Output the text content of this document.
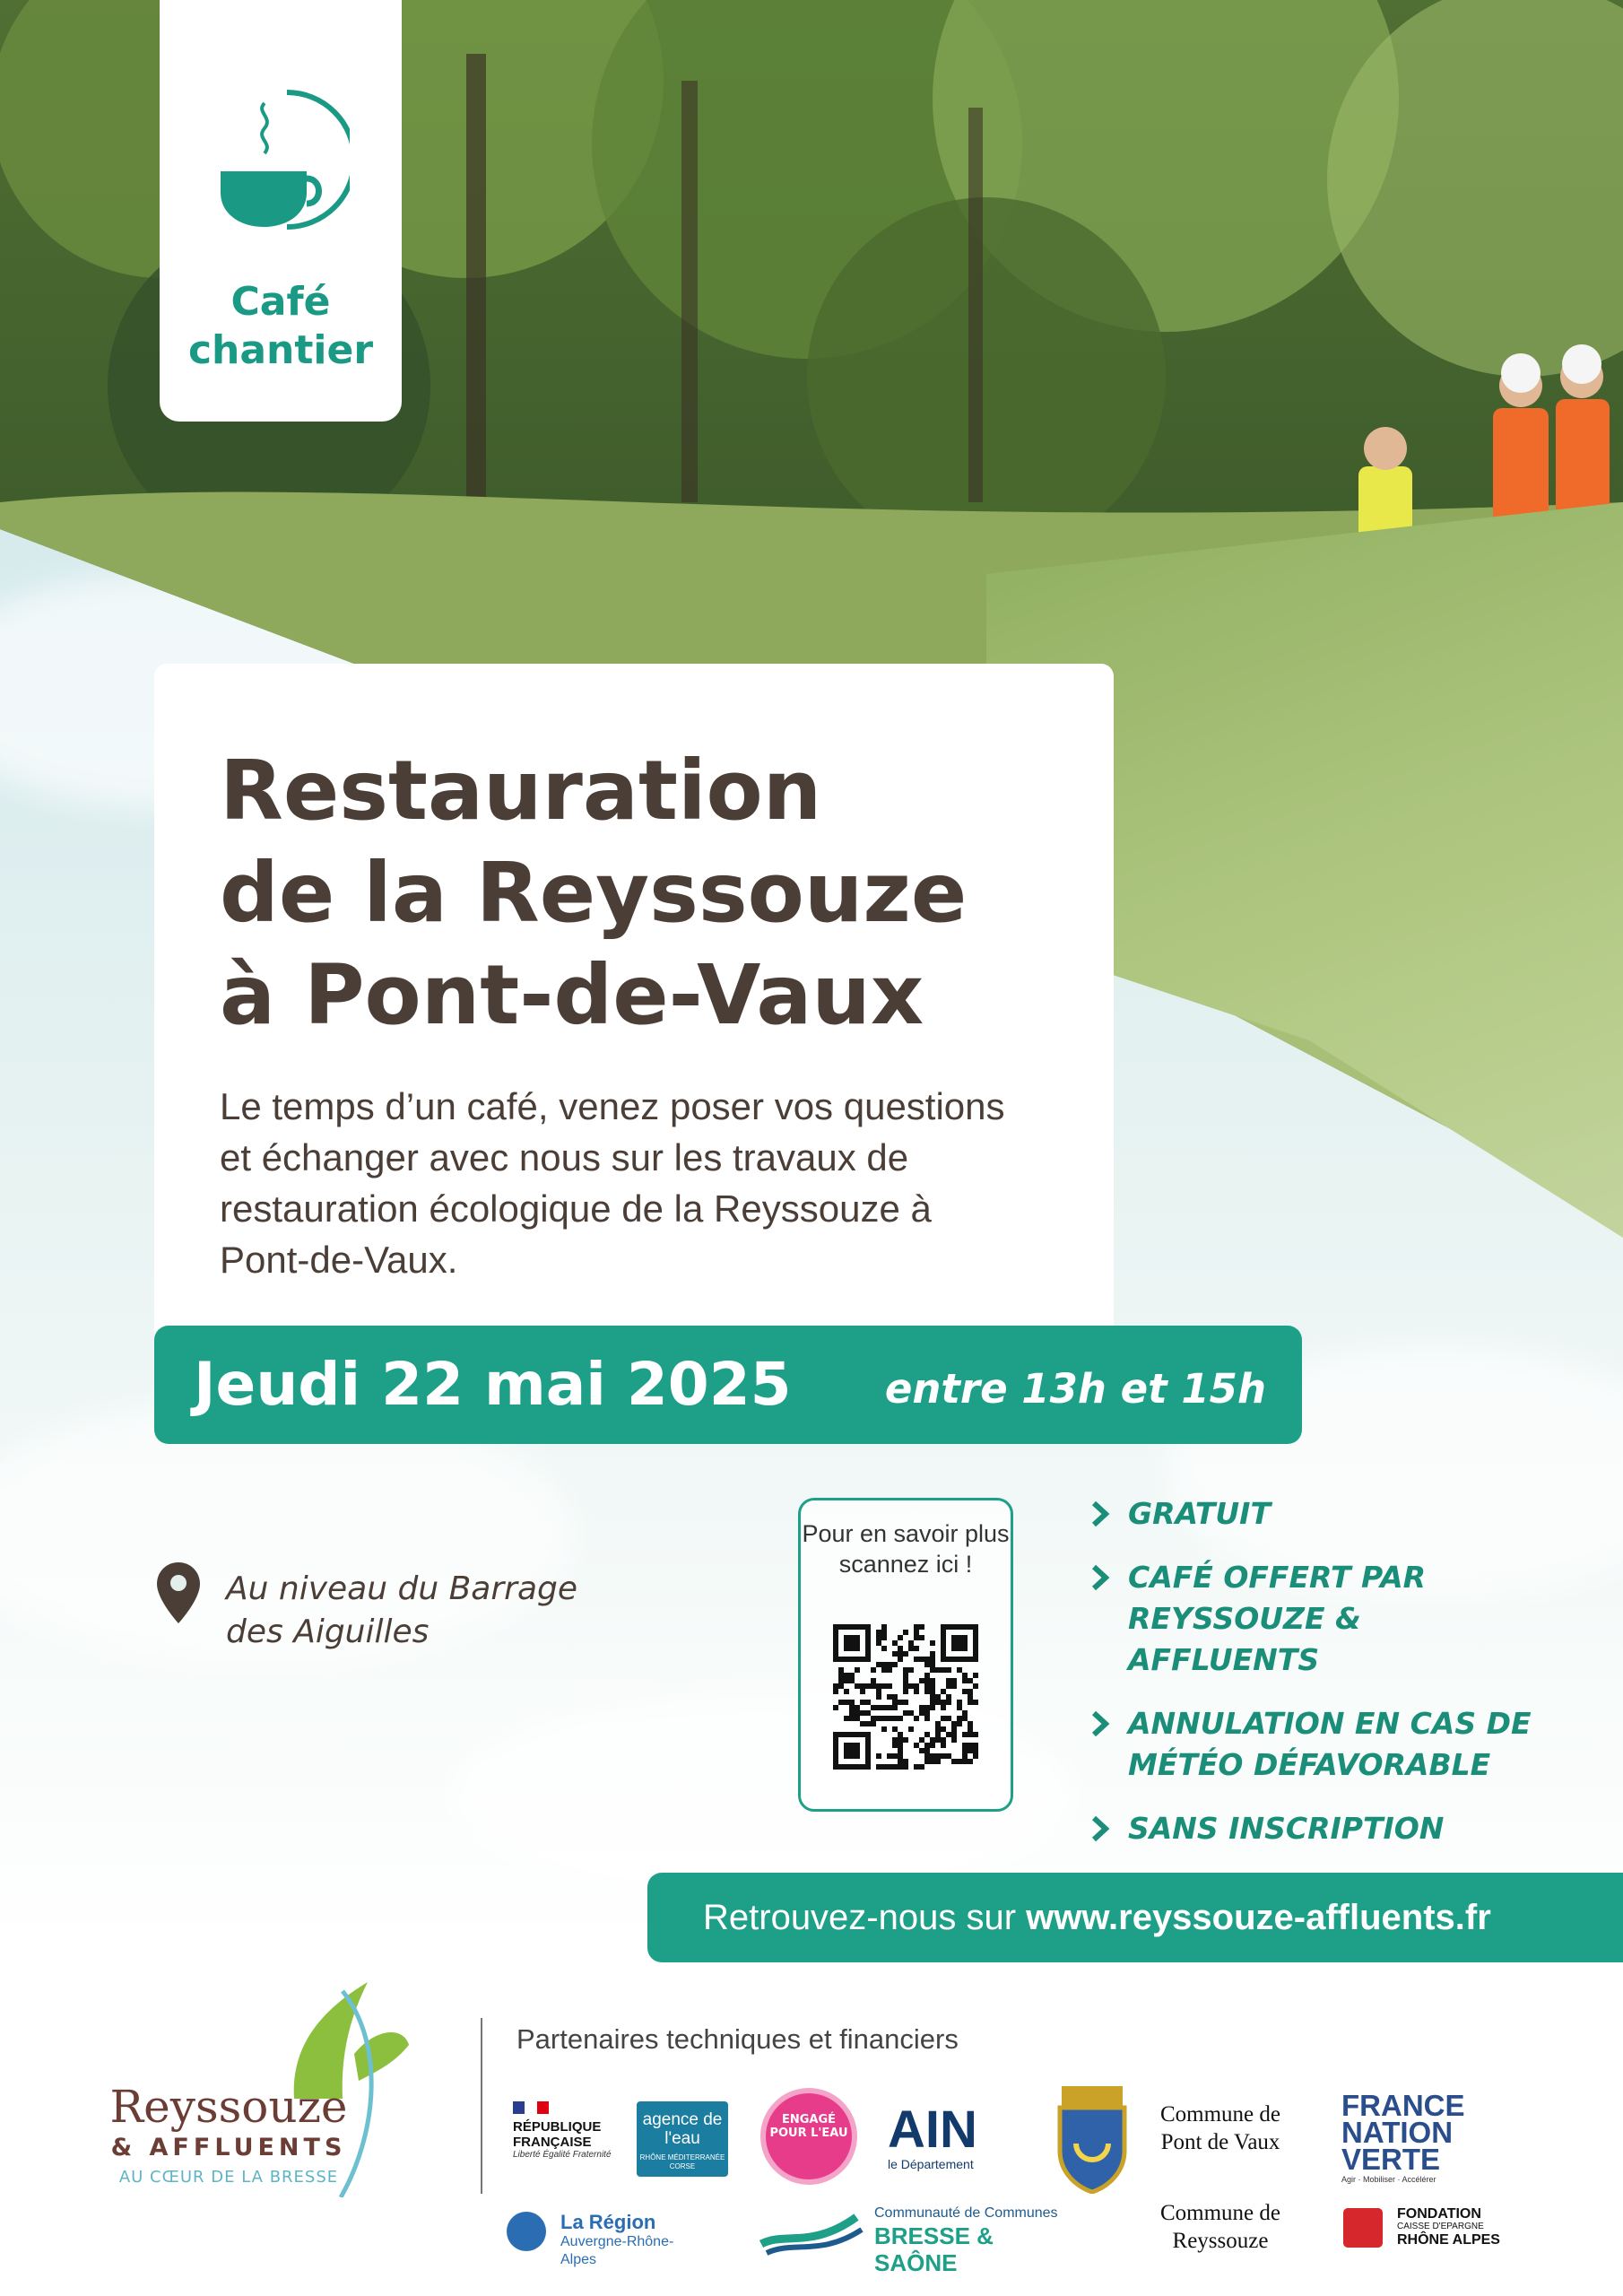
Café chantier
Restauration
de la Reyssouze
à Pont-de-Vaux

Le temps d’un café, venez poser vos questions et échanger avec nous sur les travaux de restauration écologique de la Reyssouze à Pont-de-Vaux.

Jeudi 22 mai 2025 entre 13h et 15h
Au niveau du Barrage
des Aiguilles
Pour en savoir plus scannez ici !
GRATUIT
CAFÉ OFFERT PAR REYSSOUZE & AFFLUENTS
ANNULATION EN CAS DE MÉTÉO DÉFAVORABLE
SANS INSCRIPTION
Retrouvez-nous sur www.reyssouze-affluents.fr
Reyssouze
& AFFLUENTS
AU CŒUR DE LA BRESSE
Partenaires techniques et financiers
RÉPUBLIQUE FRANÇAISE
Liberté Égalité Fraternité
agence de l'eau
RHÔNE MÉDITERRANÉE CORSE
ENGAGÉ POUR L'EAU AIN
le Département
Commune de Pont de Vaux
Commune de Reyssouze
FRANCE NATION VERTE
Agir · Mobiliser · Accélérer
FONDATION
CAISSE D'EPARGNE
RHÔNE ALPES
La Région
Auvergne-Rhône-Alpes
Communauté de Communes
BRESSE & SAÔNE
